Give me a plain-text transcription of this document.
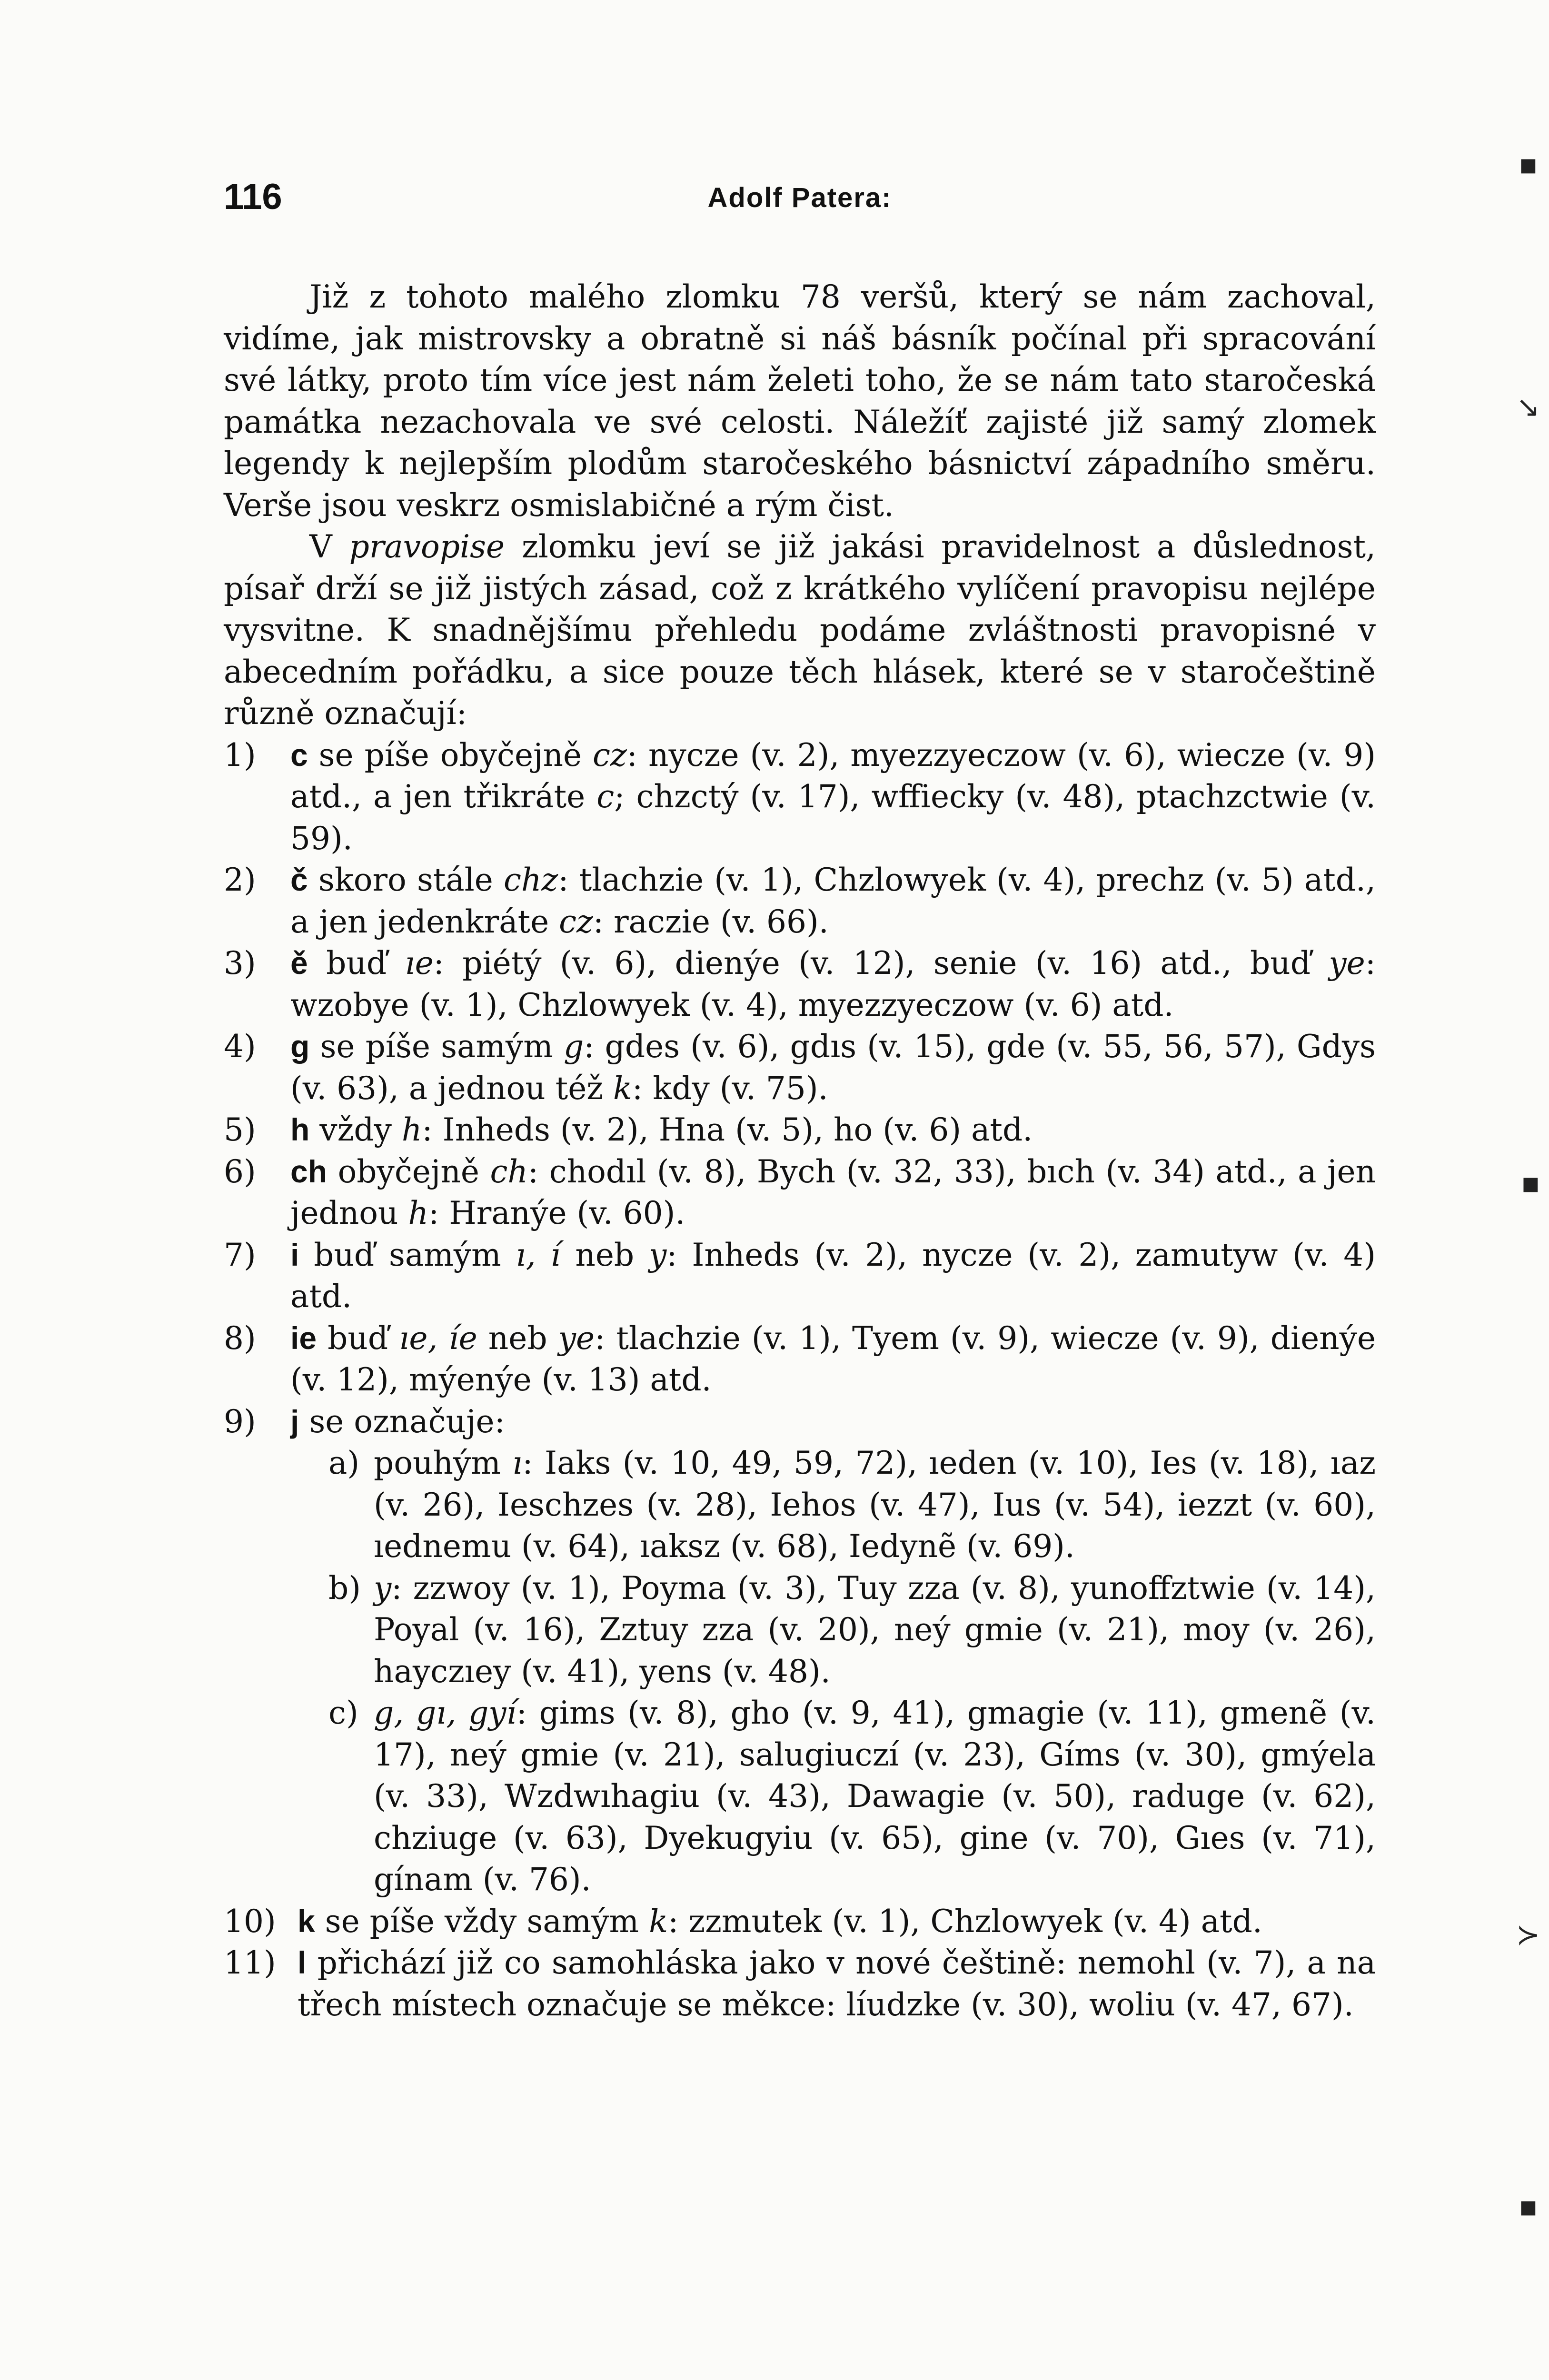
116	Adolf Patera:

Již z tohoto malého zlomku 78 veršů, který se nám zachoval, vidíme, jak mistrovsky a obratně si náš básník počínal při spracování své látky, proto tím více jest nám želeti toho, že se nám tato staročeská památka nezachovala ve své celosti. Náležíť zajisté již samý zlomek legendy k nejlepším plodům staročeského básnictví západního směru. Verše jsou veskrz osmislabičné a rým čist.

V pravopise zlomku jeví se již jakási pravidelnost a důslednost, písař drží se již jistých zásad, což z krátkého vylíčení pravopisu nejlépe vysvitne. K snadnějšímu přehledu podáme zvláštnosti pravopisné v abecedním pořádku, a sice pouze těch hlásek, které se v staročeštině různě označují:

1) c se píše obyčejně cz: nycze (v. 2), myezzyeczow (v. 6), wiecze (v. 9) atd., a jen třikráte c; chzctý (v. 17), wffiecky (v. 48), ptachzctwie (v. 59).
2) č skoro stále chz: tlachzie (v. 1), Chzlowyek (v. 4), prechz (v. 5) atd., a jen jedenkráte cz: raczie (v. 66).
3) ě buď ıe: piétý (v. 6), dienýe (v. 12), senie (v. 16) atd., buď ye: wzobye (v. 1), Chzlowyek (v. 4), myezzyeczow (v. 6) atd.
4) g se píše samým g: gdes (v. 6), gdıs (v. 15), gde (v. 55, 56, 57), Gdys (v. 63), a jednou též k: kdy (v. 75).
5) h vždy h: Inheds (v. 2), Hna (v. 5), ho (v. 6) atd.
6) ch obyčejně ch: chodıl (v. 8), Bych (v. 32, 33), bıch (v. 34) atd., a jen jednou h: Hranýe (v. 60).
7) i buď samým ı, í neb y: Inheds (v. 2), nycze (v. 2), zamutyw (v. 4) atd.
8) ie buď ıe, íe neb ye: tlachzie (v. 1), Tyem (v. 9), wiecze (v. 9), dienýe (v. 12), mýenýe (v. 13) atd.
9) j se označuje:
a) pouhým ı: Iaks (v. 10, 49, 59, 72), ıeden (v. 10), Ies (v. 18), ıaz (v. 26), Ieschzes (v. 28), Iehos (v. 47), Ius (v. 54), iezzt (v. 60), ıednemu (v. 64), ıaksz (v. 68), Iedynẽ (v. 69).
b) y: zzwoy (v. 1), Poyma (v. 3), Tuy zza (v. 8), yunoffztwie (v. 14), Poyal (v. 16), Zztuy zza (v. 20), neý gmie (v. 21), moy (v. 26), hayczıey (v. 41), yens (v. 48).
c) g, gı, gyí: gims (v. 8), gho (v. 9, 41), gmagie (v. 11), gmenẽ (v. 17), neý gmie (v. 21), salugiuczí (v. 23), Gíms (v. 30), gmýela (v. 33), Wzdwıhagiu (v. 43), Dawagie (v. 50), raduge (v. 62), chziuge (v. 63), Dyekugyiu (v. 65), gine (v. 70), Gıes (v. 71), gínam (v. 76).
10) k se píše vždy samým k: zzmutek (v. 1), Chzlowyek (v. 4) atd.
11) l přichází již co samohláska jako v nové češtině: nemohl (v. 7), a na třech místech označuje se měkce: líudzke (v. 30), woliu (v. 47, 67).
▪
↘
▪
≻
▪
